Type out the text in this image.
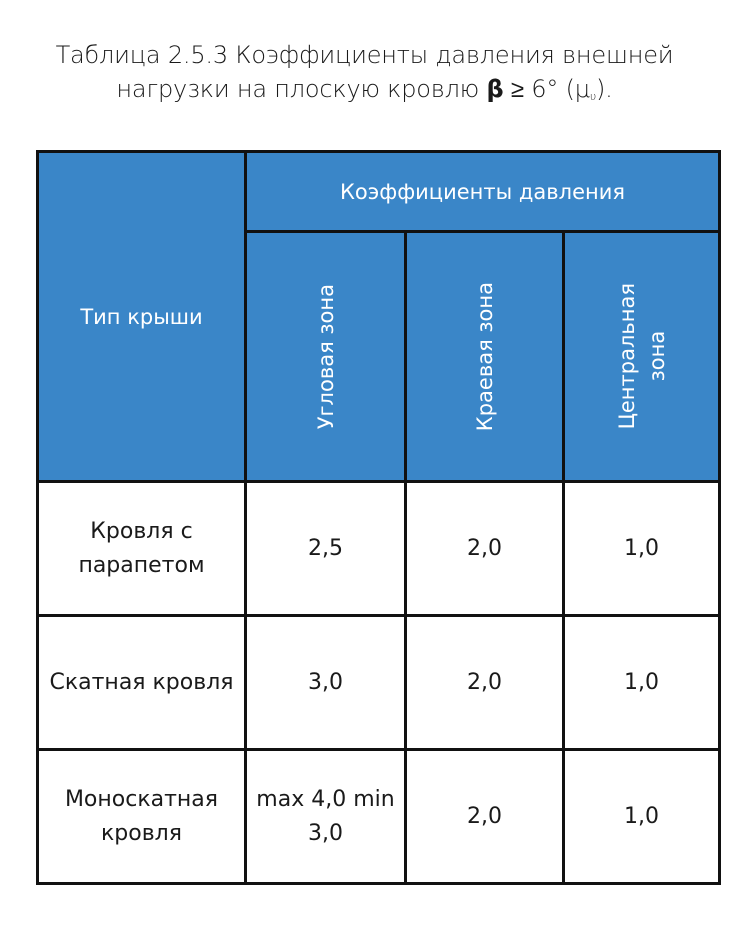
Таблица 2.5.3 Коэффициенты давления внешней
нагрузки на плоскую кровлю β ≥ 6° $(\mu_\upsilon)$.
Тип крыши	Коэффициенты давления		

	Угловая зона	Краевая зона	Центральная
зона

Кровля с
парапетом	2,5	2,0	1,0
Скатная кровля	3,0	2,0	1,0
Моноскатная
кровля	max 4,0 min
3,0	2,0	1,0
